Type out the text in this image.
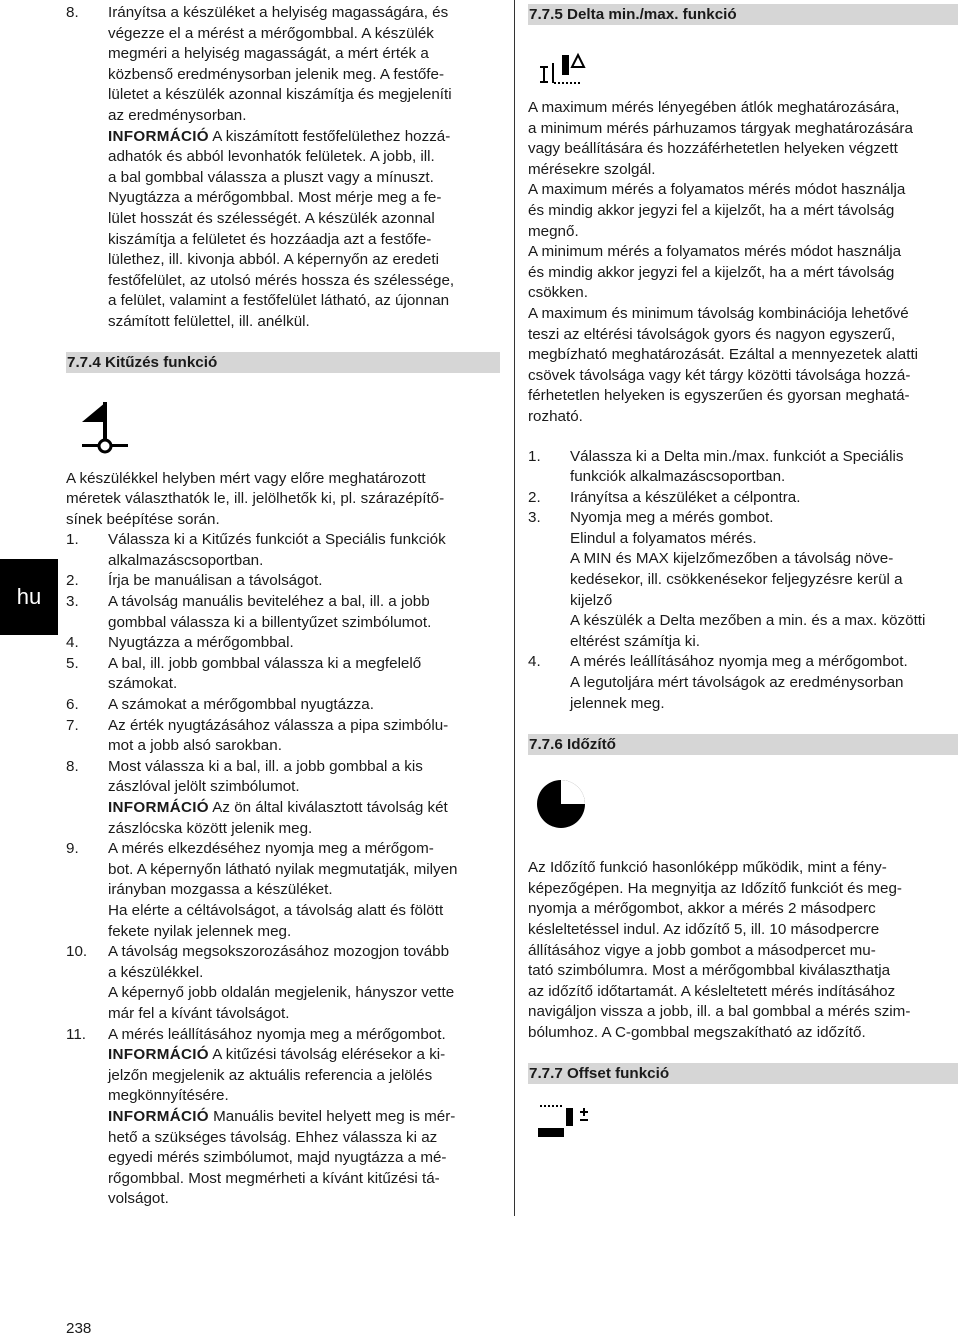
8.	Irányítsa a készüléket a helyiség magasságára, és

végezze el a mérést a mérőgombbal. A készülék

megméri a helyiség magasságát, a mért érték a

közbenső eredménysorban jelenik meg. A festőfe-

lületet a készülék azonnal kiszámítja és megjeleníti

az eredménysorban.

INFORMÁCIÓ A kiszámított festőfelülethez hozzá-

adhatók és abból levonhatók felületek. A jobb, ill.

a bal gombbal válassza a pluszt vagy a mínuszt.

Nyugtázza a mérőgombbal. Most mérje meg a fe-

lület hosszát és szélességét. A készülék azonnal

kiszámítja a felületet és hozzáadja azt a festőfe-

lülethez, ill. kivonja abból. A képernyőn az eredeti

festőfelület, az utolsó mérés hossza és szélessége,

a felület, valamint a festőfelület látható, az újonnan

számított felülettel, ill. anélkül.

7.7.4 Kitűzés funkció

A készülékkel helyben mért vagy előre meghatározott

méretek választhatók le, ill. jelölhetők ki, pl. szárazépítő-

sínek beépítése során.

1.	Válassza ki a Kitűzés funkciót a Speciális funkciók

alkalmazáscsoportban.

2.	Írja be manuálisan a távolságot.

3.	A távolság manuális beviteléhez a bal, ill. a jobb

gombbal válassza ki a billentyűzet szimbólumot.

4.	Nyugtázza a mérőgombbal.

5.	A bal, ill. jobb gombbal válassza ki a megfelelő

számokat.

6.	A számokat a mérőgombbal nyugtázza.

7.	Az érték nyugtázásához válassza a pipa szimbólu-

mot a jobb alsó sarokban.

8.	Most válassza ki a bal, ill. a jobb gombbal a kis

zászlóval jelölt szimbólumot.

INFORMÁCIÓ Az ön által kiválasztott távolság két

zászlócska között jelenik meg.

9.	A mérés elkezdéséhez nyomja meg a mérőgom-

bot. A képernyőn látható nyilak megmutatják, milyen

irányban mozgassa a készüléket.

Ha elérte a céltávolságot, a távolság alatt és fölött

fekete nyilak jelennek meg.

10.	A távolság megsokszorozásához mozogjon tovább

a készülékkel.

A képernyő jobb oldalán megjelenik, hányszor vette

már fel a kívánt távolságot.

11.	A mérés leállításához nyomja meg a mérőgombot.

INFORMÁCIÓ A kitűzési távolság elérésekor a ki-

jelzőn megjelenik az aktuális referencia a jelölés

megkönnyítésére.

INFORMÁCIÓ Manuális bevitel helyett meg is mér-

hető a szükséges távolság. Ehhez válassza ki az

egyedi mérés szimbólumot, majd nyugtázza a mé-

rőgombbal. Most megmérheti a kívánt kitűzési tá-

volságot.

7.7.5 Delta min./max. funkció

A maximum mérés lényegében átlók meghatározására,

a minimum mérés párhuzamos tárgyak meghatározására

vagy beállítására és hozzáférhetetlen helyeken végzett

mérésekre szolgál.

A maximum mérés a folyamatos mérés módot használja

és mindig akkor jegyzi fel a kijelzőt, ha a mért távolság

megnő.

A minimum mérés a folyamatos mérés módot használja

és mindig akkor jegyzi fel a kijelzőt, ha a mért távolság

csökken.

A maximum és minimum távolság kombinációja lehetővé

teszi az eltérési távolságok gyors és nagyon egyszerű,

megbízható meghatározását. Ezáltal a mennyezetek alatti

csövek távolsága vagy két tárgy közötti távolsága hozzá-

férhetetlen helyeken is egyszerűen és gyorsan meghatá-

rozható.

1.	Válassza ki a Delta min./max. funkciót a Speciális

funkciók alkalmazáscsoportban.

2.	Irányítsa a készüléket a célpontra.

3.	Nyomja meg a mérés gombot.

Elindul a folyamatos mérés.

A MIN és MAX kijelzőmezőben a távolság növe-

kedésekor, ill. csökkenésekor feljegyzésre kerül a

kijelző

A készülék a Delta mezőben a min. és a max. közötti

eltérést számítja ki.

4.	A mérés leállításához nyomja meg a mérőgombot.

A legutoljára mért távolságok az eredménysorban

jelennek meg.

7.7.6 Időzítő

Az Időzítő funkció hasonlóképp működik, mint a fény-

képezőgépen. Ha megnyitja az Időzítő funkciót és meg-

nyomja a mérőgombot, akkor a mérés 2 másodperc

késleltetéssel indul. Az időzítő 5, ill. 10 másodpercre

állításához vigye a jobb gombot a másodpercet mu-

tató szimbólumra. Most a mérőgombbal kiválaszthatja

az időzítő időtartamát. A késleltetett mérés indításához

navigáljon vissza a jobb, ill. a bal gombbal a mérés szim-

bólumhoz. A C-gombbal megszakítható az időzítő.

7.7.7 Offset funkció
hu
238
